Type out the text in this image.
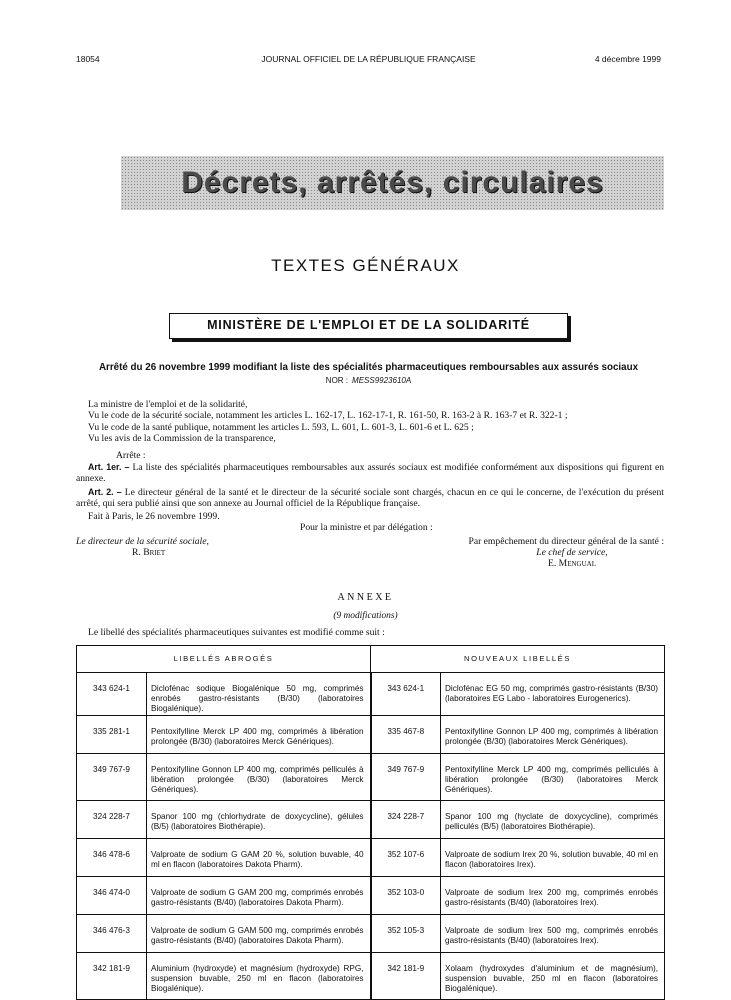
JOURNAL OFFICIEL DE LA RÉPUBLIQUE FRANÇAISE
18054	4 décembre 1999
Décrets, arrêtés, circulaires
TEXTES GÉNÉRAUX
MINISTÈRE DE L'EMPLOI ET DE LA SOLIDARITÉ
Arrêté du 26 novembre 1999 modifiant la liste des spécialités pharmaceutiques remboursables aux assurés sociaux
NOR : MESS9923610A
La ministre de l'emploi et de la solidarité,
Vu le code de la sécurité sociale, notamment les articles L. 162-17, L. 162-17-1, R. 161-50, R. 163-2 à R. 163-7 et R. 322-1 ;
Vu le code de la santé publique, notamment les articles L. 593, L. 601, L. 601-3, L. 601-6 et L. 625 ;
Vu les avis de la Commission de la transparence,
Arrête :
Art. 1er. – La liste des spécialités pharmaceutiques remboursables aux assurés sociaux est modifiée conformément aux dispositions qui figurent en annexe.
Art. 2. – Le directeur général de la santé et le directeur de la sécurité sociale sont chargés, chacun en ce qui le concerne, de l'exécution du présent arrêté, qui sera publié ainsi que son annexe au Journal officiel de la République française.
Fait à Paris, le 26 novembre 1999.
Pour la ministre et par délégation :
Le directeur de la sécurité sociale,
R. Briet
Par empêchement du directeur général de la santé :
Le chef de service,
E. Mengual
ANNEXE
(9 modifications)
Le libellé des spécialités pharmaceutiques suivantes est modifié comme suit :
LIBELLÉS ABROGÉS		NOUVEAUX LIBELLÉS	
343 624-1	Diclofénac sodique Biogalénique 50 mg, comprimés enrobés gastro-résistants (B/30) (laboratoires Biogalénique).	343 624-1	Diclofénac EG 50 mg, comprimés gastro-résistants (B/30) (laboratoires EG Labo - laboratoires Eurogenerics).
335 281-1	Pentoxifylline Merck LP 400 mg, comprimés à libération prolongée (B/30) (laboratoires Merck Génériques).	335 467-8	Pentoxifylline Gonnon LP 400 mg, comprimés à libération prolongée (B/30) (laboratoires Merck Génériques).
349 767-9	Pentoxifylline Gonnon LP 400 mg, comprimés pelliculés à libération prolongée (B/30) (laboratoires Merck Génériques).	349 767-9	Pentoxifylline Merck LP 400 mg, comprimés pelliculés à libération prolongée (B/30) (laboratoires Merck Génériques).
324 228-7	Spanor 100 mg (chlorhydrate de doxycycline), gélules (B/5) (laboratoires Biothérapie).	324 228-7	Spanor 100 mg (hyclate de doxycycline), comprimés pelliculés (B/5) (laboratoires Biothérapie).
346 478-6	Valproate de sodium G GAM 20 %, solution buvable, 40 ml en flacon (laboratoires Dakota Pharm).	352 107-6	Valproate de sodium Irex 20 %, solution buvable, 40 ml en flacon (laboratoires Irex).
346 474-0	Valproate de sodium G GAM 200 mg, comprimés enrobés gastro-résistants (B/40) (laboratoires Dakota Pharm).	352 103-0	Valproate de sodium Irex 200 mg, comprimés enrobés gastro-résistants (B/40) (laboratoires Irex).
346 476-3	Valproate de sodium G GAM 500 mg, comprimés enrobés gastro-résistants (B/40) (laboratoires Dakota Pharm).	352 105-3	Valproate de sodium Irex 500 mg, comprimés enrobés gastro-résistants (B/40) (laboratoires Irex).
342 181-9	Aluminium (hydroxyde) et magnésium (hydroxyde) RPG, suspension buvable, 250 ml en flacon (laboratoires Biogalénique).	342 181-9	Xolaam (hydroxydes d'aluminium et de magnésium), suspension buvable, 250 ml en flacon (laboratoires Biogalénique).
